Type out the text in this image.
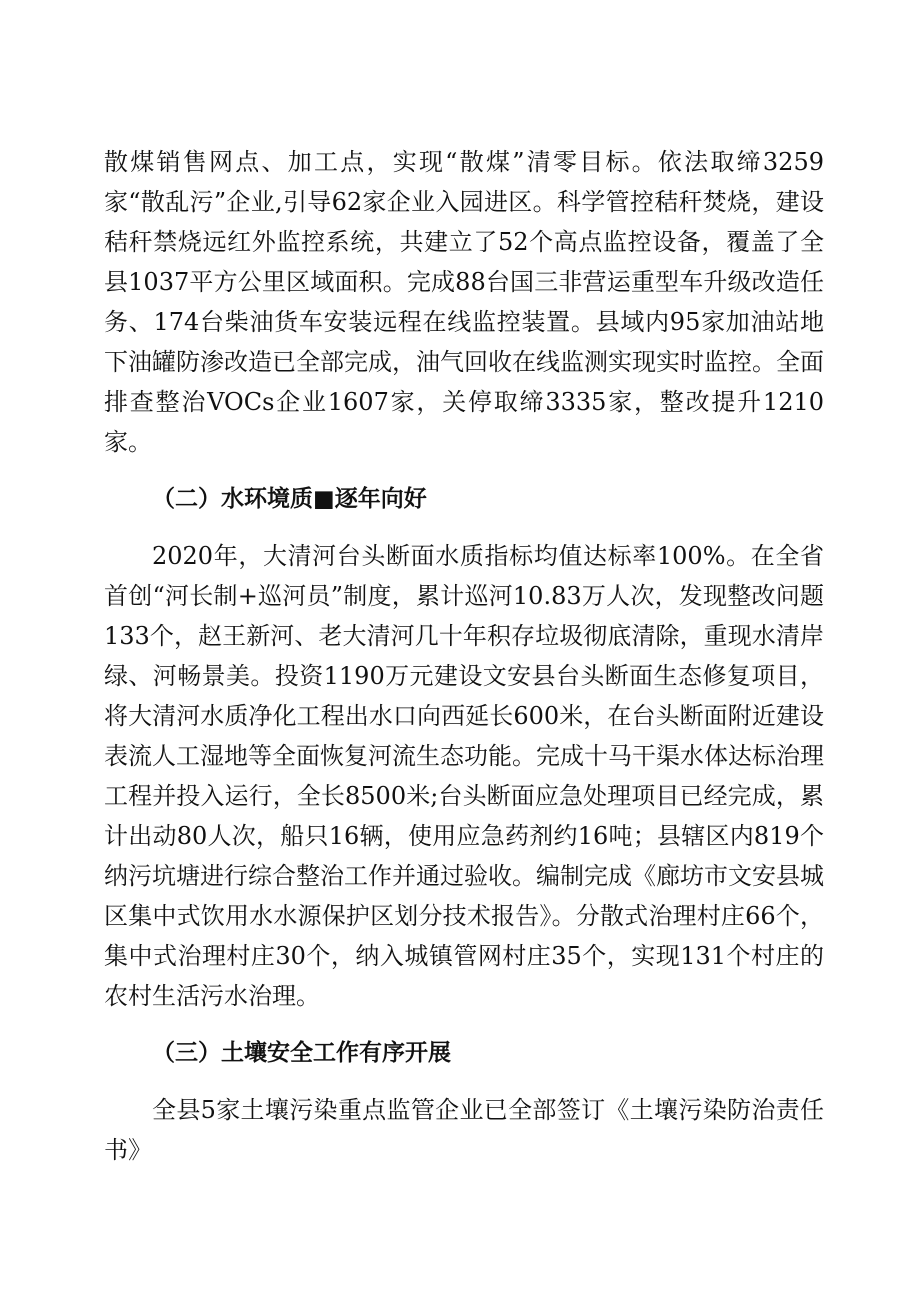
散煤销售网点、加工点，实现“散煤”清零目标。依法取缔3259家“散乱污”企业,引导62家企业入园进区。科学管控秸秆焚烧，建设秸秆禁烧远红外监控系统，共建立了52个高点监控设备，覆盖了全县1037平方公里区域面积。完成88台国三非营运重型车升级改造任务、174台柴油货车安装远程在线监控装置。县域内95家加油站地下油罐防渗改造已全部完成，油气回收在线监测实现实时监控。全面排查整治VOCs企业1607家，关停取缔3335家，整改提升1210家。

（二）水环境质■逐年向好

2020年，大清河台头断面水质指标均值达标率100%。在全省首创“河长制+巡河员”制度，累计巡河10.83万人次，发现整改问题133个，赵王新河、老大清河几十年积存垃圾彻底清除，重现水清岸绿、河畅景美。投资1190万元建设文安县台头断面生态修复项目，将大清河水质净化工程出水口向西延长600米，在台头断面附近建设表流人工湿地等全面恢复河流生态功能。完成十马干渠水体达标治理工程并投入运行，全长8500米;台头断面应急处理项目已经完成，累计出动80人次，船只16辆，使用应急药剂约16吨；县辖区内819个纳污坑塘进行综合整治工作并通过验收。编制完成《廊坊市文安县城区集中式饮用水水源保护区划分技术报告》。分散式治理村庄66个，集中式治理村庄30个，纳入城镇管网村庄35个，实现131个村庄的农村生活污水治理。

（三）土壤安全工作有序开展

全县5家土壤污染重点监管企业已全部签订《土壤污染防治责任书》
